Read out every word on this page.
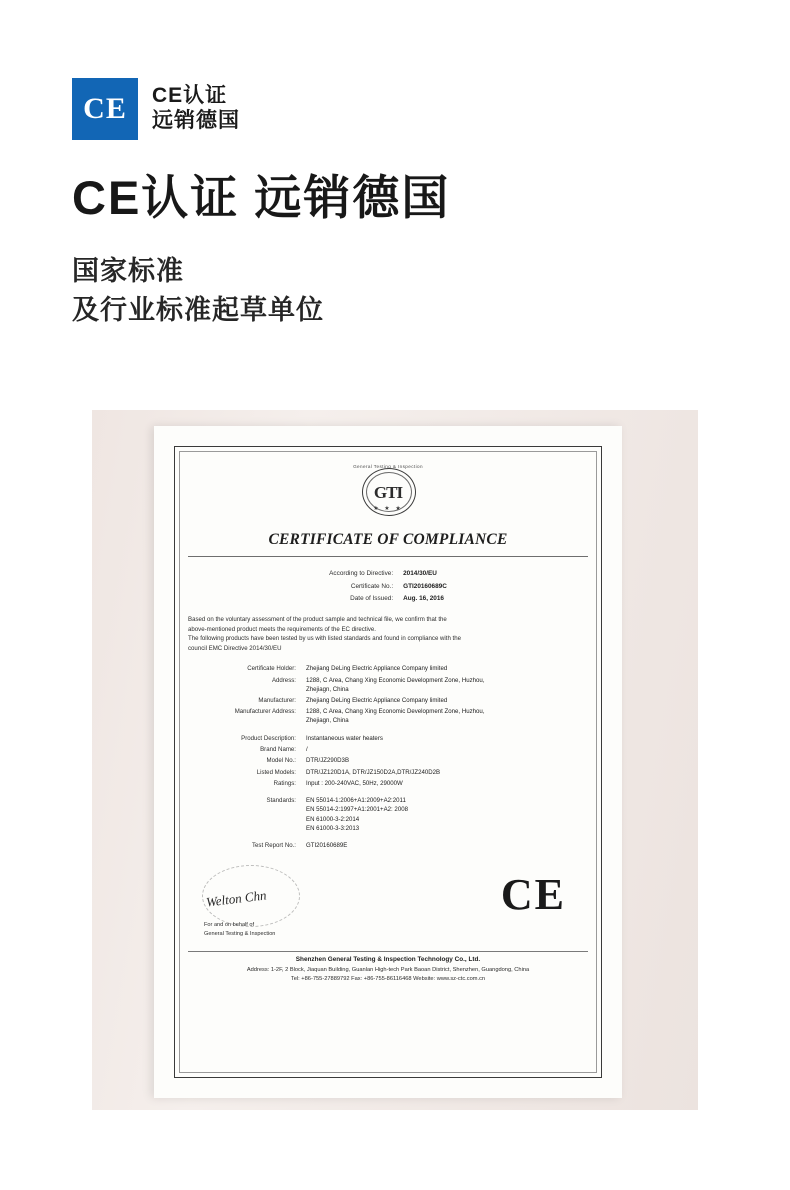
CE CE认证
远销德国
CE认证 远销德国
国家标准
及行业标准起草单位
General Testing & Inspection
GTI
★ ★ ★
CERTIFICATE OF COMPLIANCE
According to Directive:	2014/30/EU
Certificate No.:	GTI20160689C
Date of Issued:	Aug. 16, 2016
Based on the voluntary assessment of the product sample and technical file, we confirm that the
above-mentioned product meets the requirements of the EC directive.
The following products have been tested by us with listed standards and found in compliance with the
council EMC Directive 2014/30/EU
Certificate Holder:	Zhejiang DeLing Electric Appliance Company limited
Address:	1288, C Area, Chang Xing Economic Development Zone, Huzhou,
Zhejiagn, China

Manufacturer:	Zhejiang DeLing Electric Appliance Company limited
Manufacturer Address:	1288, C Area, Chang Xing Economic Development Zone, Huzhou,
Zhejiagn, China

Product Description:	Instantaneous water heaters
Brand Name:	/
Model No.:	DTR/JZ290D3B
Listed Models:	DTR/JZ120D1A, DTR/JZ150D2A,DTR/JZ240D2B
Ratings:	Input : 200-240VAC, 50Hz, 29000W
Standards:	EN 55014-1:2006+A1:2009+A2:2011
EN 55014-2:1997+A1:2001+A2: 2008
EN 61000-3-2:2014
EN 61000-3-3:2013

Test Report No.:	GTI20160689E
Welton Chn
For and on behalf of
General Testing & Inspection
CE
Shenzhen General Testing & Inspection Technology Co., Ltd.
Address: 1-2F, 2 Block, Jiaquan Building, Guanlan High-tech Park Baoan District, Shenzhen, Guangdong, China
Tel: +86-755-27889792 Fax: +86-755-86116468 Website: www.sz-ctc.com.cn
